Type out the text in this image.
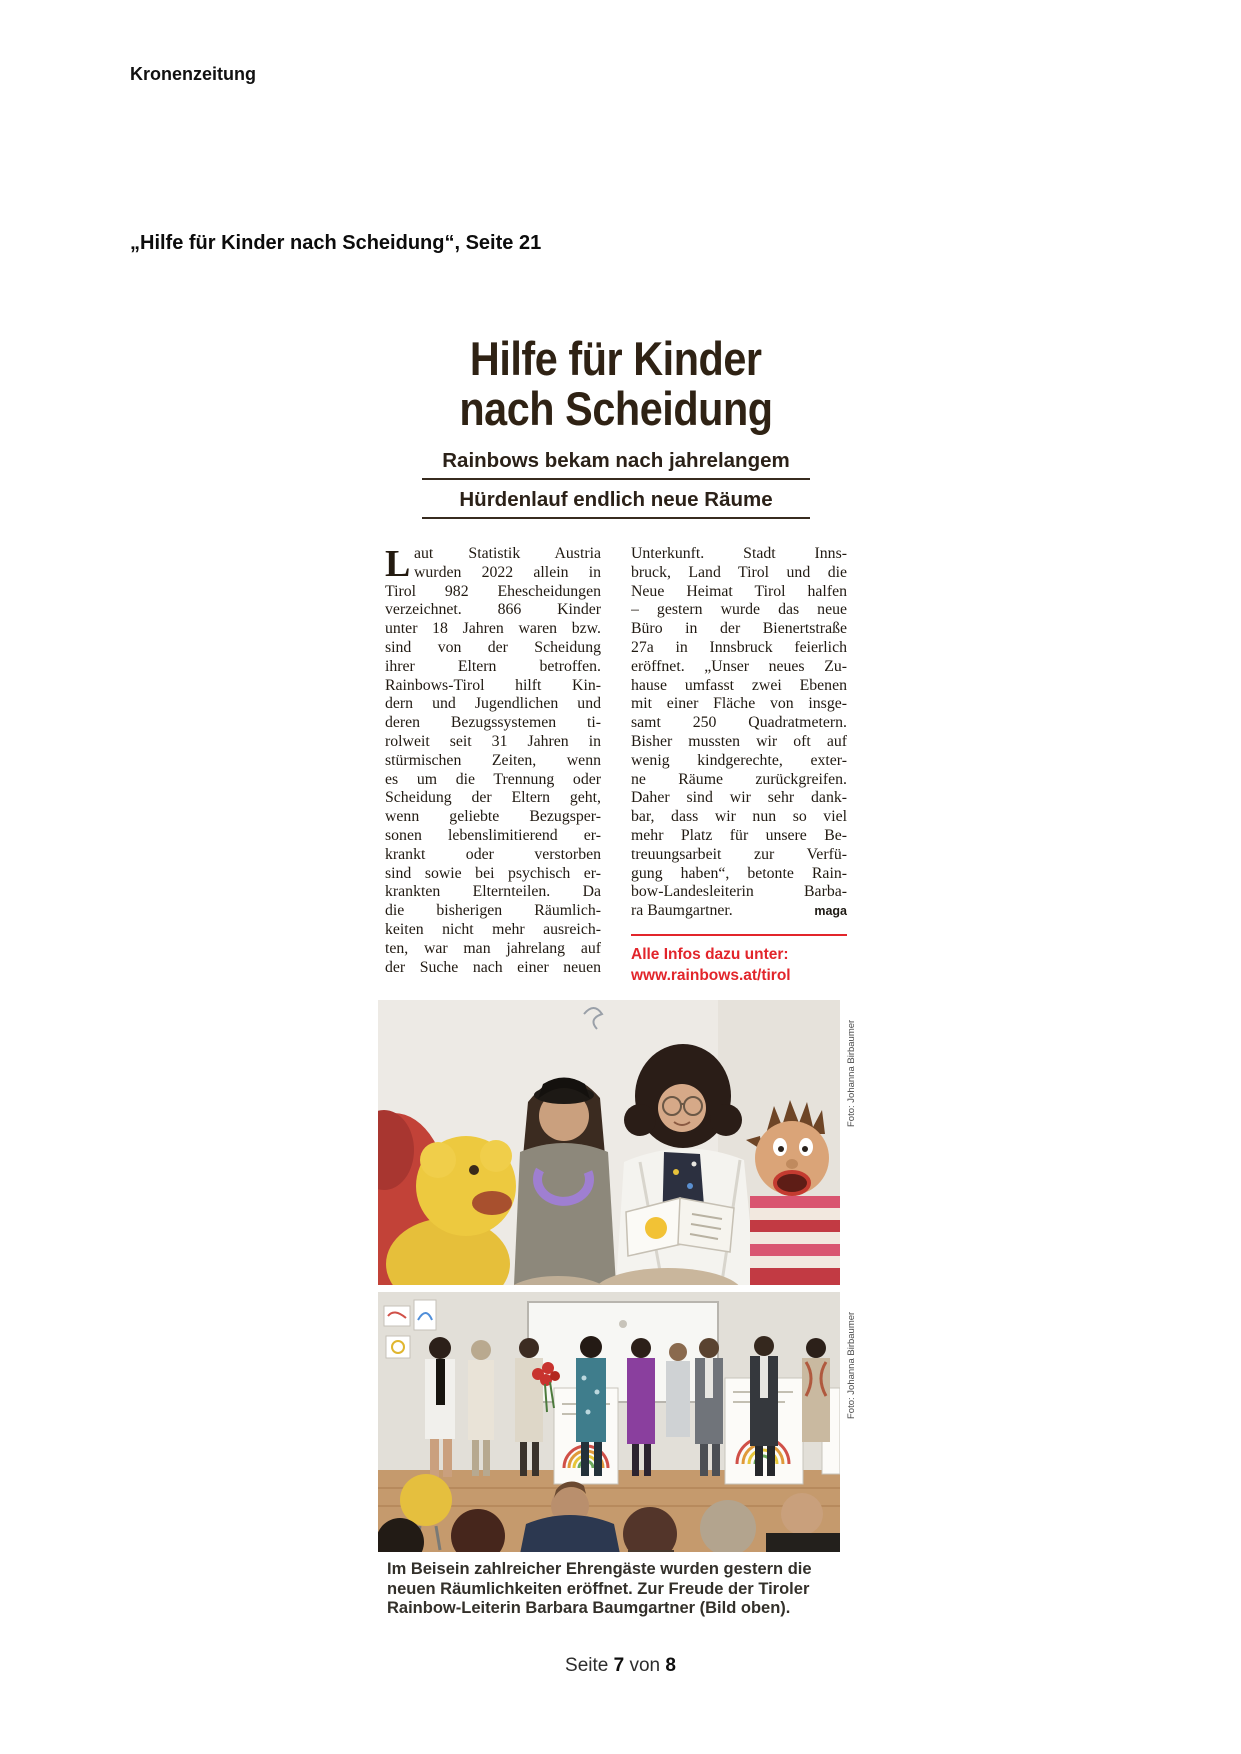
Kronenzeitung
„Hilfe für Kinder nach Scheidung“, Seite 21
Hilfe für Kinder
nach Scheidung
Rainbows bekam nach jahrelangem
Hürdenlauf endlich neue Räume
L aut Statistik Austria
wurden 2022 allein in
Tirol 982 Ehescheidungen
verzeichnet. 866 Kinder
unter 18 Jahren waren bzw.
sind von der Scheidung
ihrer Eltern betroffen.
Rainbows-Tirol hilft Kin-
dern und Jugendlichen und
deren Bezugssystemen ti-
rolweit seit 31 Jahren in
stürmischen Zeiten, wenn
es um die Trennung oder
Scheidung der Eltern geht,
wenn geliebte Bezugsper-
sonen lebenslimitierend er-
krankt oder verstorben
sind sowie bei psychisch er-
krankten Elternteilen. Da
die bisherigen Räumlich-
keiten nicht mehr ausreich-
ten, war man jahrelang auf
der Suche nach einer neuen
Unterkunft. Stadt Inns-
bruck, Land Tirol und die
Neue Heimat Tirol halfen
– gestern wurde das neue
Büro in der Bienertstraße
27a in Innsbruck feierlich
eröffnet. „Unser neues Zu-
hause umfasst zwei Ebenen
mit einer Fläche von insge-
samt 250 Quadratmetern.
Bisher mussten wir oft auf
wenig kindgerechte, exter-
ne Räume zurückgreifen.
Daher sind wir sehr dank-
bar, dass wir nun so viel
mehr Platz für unsere Be-
treuungsarbeit zur Verfü-
gung haben“, betonte Rain-
bow-Landesleiterin Barba-
ra Baumgartner.	maga
Alle Infos dazu unter:
www.rainbows.at/tirol
Foto: Johanna Birbaumer
Foto: Johanna Birbaumer
Im Beisein zahlreicher Ehrengäste wurden gestern die
neuen Räumlichkeiten eröffnet. Zur Freude der Tiroler
Rainbow-Leiterin Barbara Baumgartner (Bild oben).
Seite 7 von 8
